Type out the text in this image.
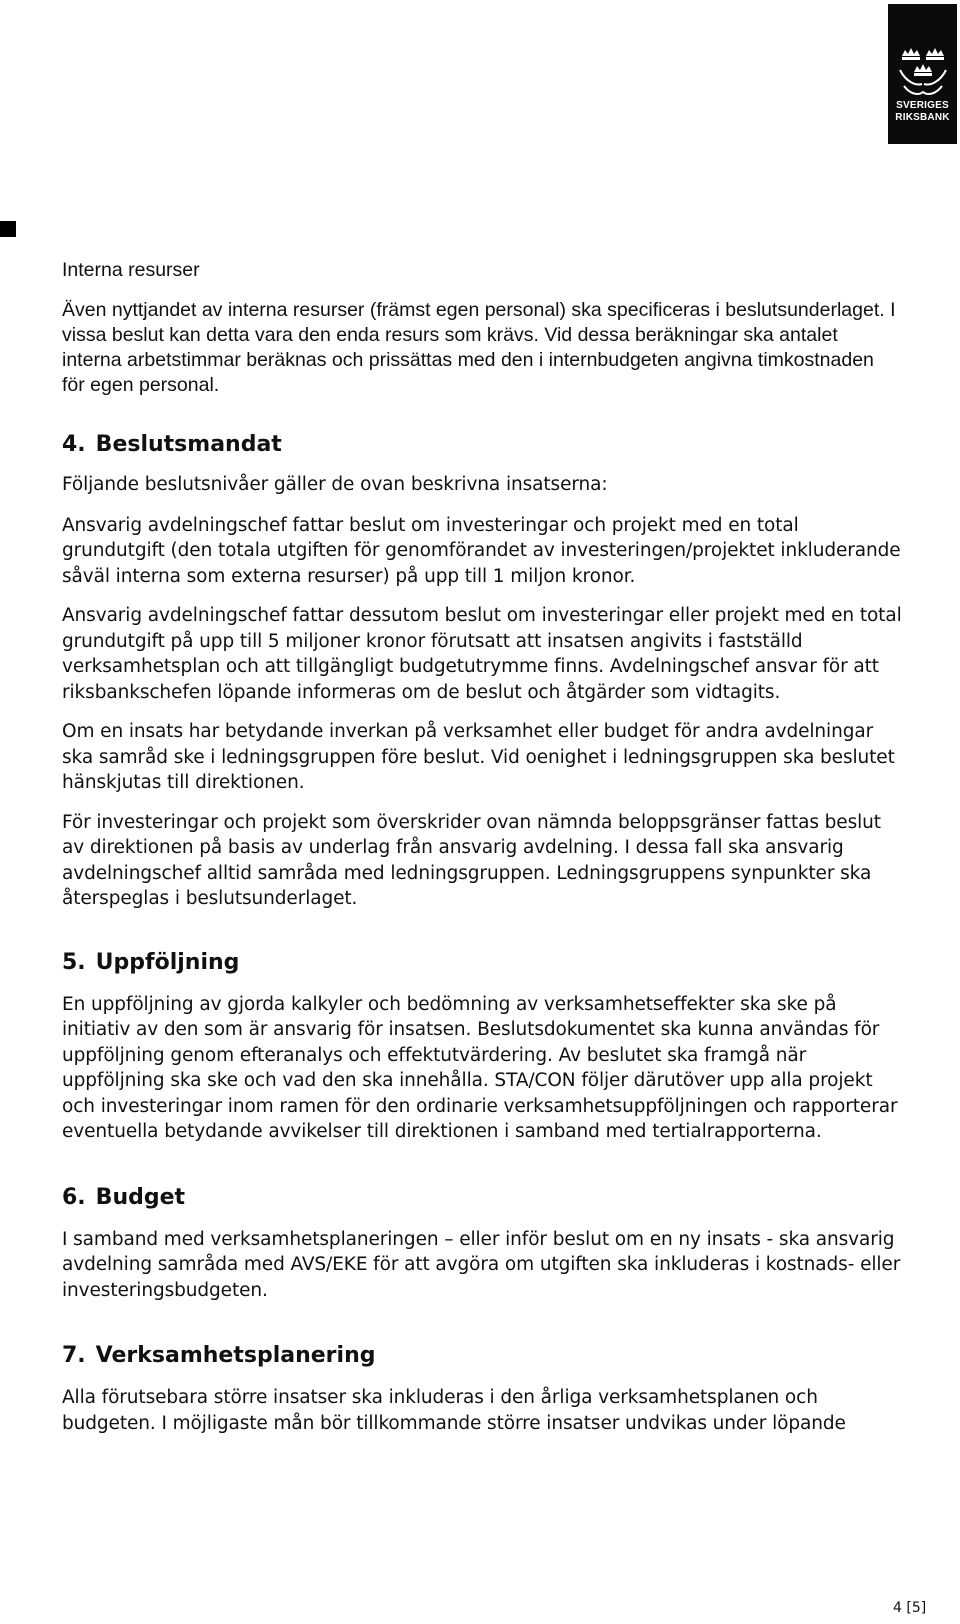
SVERIGES
RIKSBANK

Interna resurser

Även nyttjandet av interna resurser (främst egen personal) ska specificeras i beslutsunderlaget. I vissa beslut kan detta vara den enda resurs som krävs. Vid dessa beräkningar ska antalet interna arbetstimmar beräknas och prissättas med den i internbudgeten angivna timkostnaden för egen personal.

4. Beslutsmandat

Följande beslutsnivåer gäller de ovan beskrivna insatserna:

Ansvarig avdelningschef fattar beslut om investeringar och projekt med en total grundutgift (den totala utgiften för genomförandet av investeringen/projektet inkluderande såväl interna som externa resurser) på upp till 1 miljon kronor.

Ansvarig avdelningschef fattar dessutom beslut om investeringar eller projekt med en total grundutgift på upp till 5 miljoner kronor förutsatt att insatsen angivits i fastställd verksamhetsplan och att tillgängligt budgetutrymme finns. Avdelningschef ansvar för att riksbankschefen löpande informeras om de beslut och åtgärder som vidtagits.

Om en insats har betydande inverkan på verksamhet eller budget för andra avdelningar ska samråd ske i ledningsgruppen före beslut. Vid oenighet i ledningsgruppen ska beslutet hänskjutas till direktionen.

För investeringar och projekt som överskrider ovan nämnda beloppsgränser fattas beslut av direktionen på basis av underlag från ansvarig avdelning. I dessa fall ska ansvarig avdelningschef alltid samråda med ledningsgruppen. Ledningsgruppens synpunkter ska återspeglas i beslutsunderlaget.

5. Uppföljning

En uppföljning av gjorda kalkyler och bedömning av verksamhetseffekter ska ske på initiativ av den som är ansvarig för insatsen. Beslutsdokumentet ska kunna användas för uppföljning genom efteranalys och effektutvärdering. Av beslutet ska framgå när uppföljning ska ske och vad den ska innehålla. STA/CON följer därutöver upp alla projekt och investeringar inom ramen för den ordinarie verksamhetsuppföljningen och rapporterar eventuella betydande avvikelser till direktionen i samband med tertialrapporterna.

6. Budget

I samband med verksamhetsplaneringen – eller inför beslut om en ny insats - ska ansvarig avdelning samråda med AVS/EKE för att avgöra om utgiften ska inkluderas i kostnads- eller investeringsbudgeten.

7. Verksamhetsplanering

Alla förutsebara större insatser ska inkluderas i den årliga verksamhetsplanen och budgeten. I möjligaste mån bör tillkommande större insatser undvikas under löpande

4 [5]
